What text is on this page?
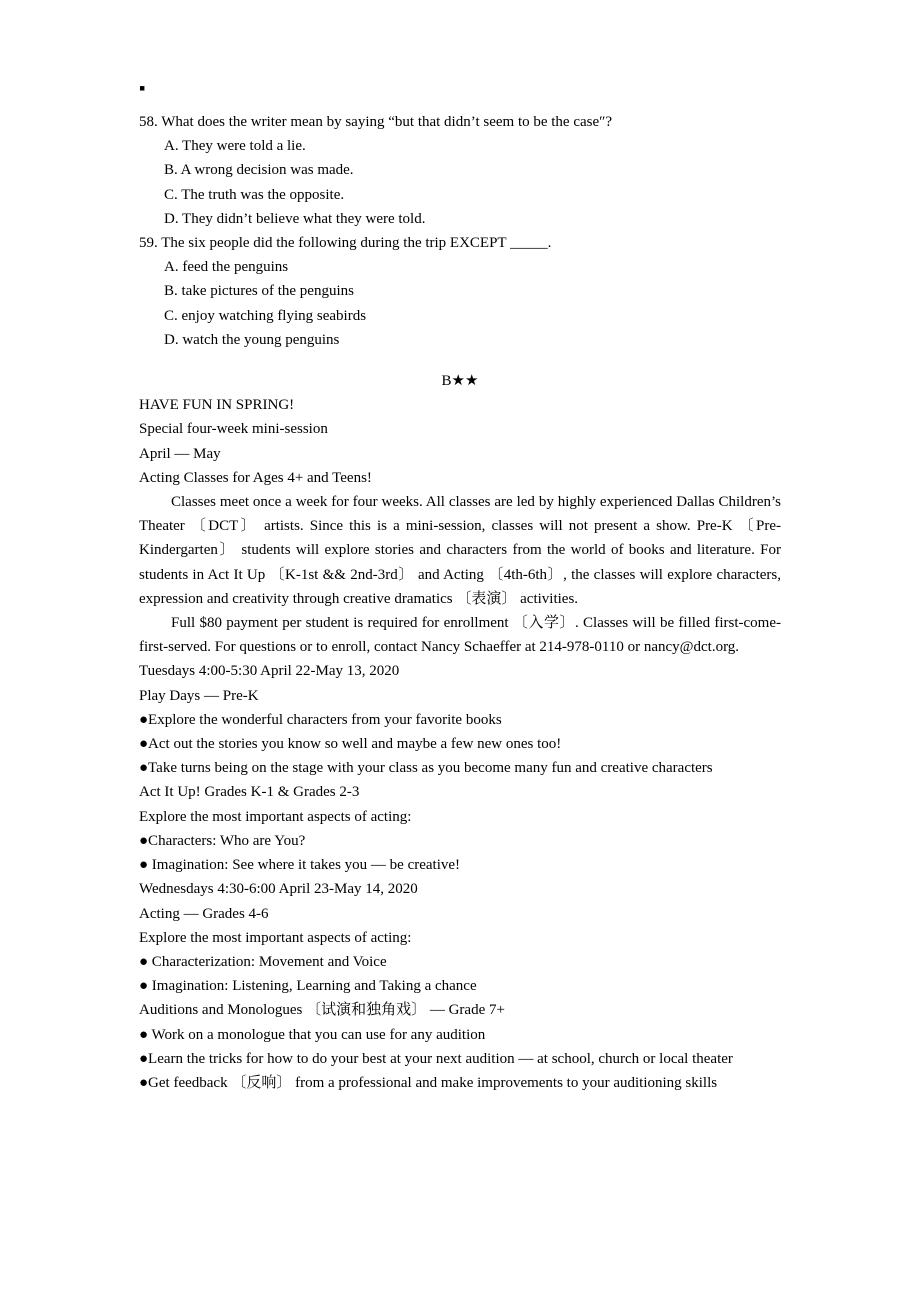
▪
58. What does the writer mean by saying “but that didn’t seem to be the case″?
A. They were told a lie.
B. A wrong decision was made.
C. The truth was the opposite.
D. They didn’t believe what they were told.
59. The six people did the following during the trip EXCEPT _____.
A. feed the penguins
B. take pictures of the penguins
C. enjoy watching flying seabirds
D. watch the young penguins
B★★
HAVE FUN IN SPRING!
Special four-week mini-session
April — May
Acting Classes for Ages 4+ and Teens!

Classes meet once a week for four weeks. All classes are led by highly experienced Dallas Children’s Theater 〔DCT〕 artists. Since this is a mini-session, classes will not present a show. Pre-K 〔Pre-Kindergarten〕 students will explore stories and characters from the world of books and literature. For students in Act It Up 〔K-1st && 2nd-3rd〕 and Acting 〔4th-6th〕, the classes will explore characters, expression and creativity through creative dramatics 〔表演〕 activities.

Full $80 payment per student is required for enrollment 〔入学〕. Classes will be filled first-come-first-served. For questions or to enroll, contact Nancy Schaeffer at 214-978-0110 or nancy@dct.org.

Tuesdays 4:00-5:30 April 22-May 13, 2020
Play Days — Pre-K
●Explore the wonderful characters from your favorite books
●Act out the stories you know so well and maybe a few new ones too!
●Take turns being on the stage with your class as you become many fun and creative characters
Act It Up! Grades K-1 & Grades 2-3
Explore the most important aspects of acting:
●Characters: Who are You?
● Imagination: See where it takes you — be creative!
Wednesdays 4:30-6:00 April 23-May 14, 2020
Acting — Grades 4-6
Explore the most important aspects of acting:
● Characterization: Movement and Voice
● Imagination: Listening, Learning and Taking a chance
Auditions and Monologues 〔试演和独角戏〕 — Grade 7+
● Work on a monologue that you can use for any audition

●Learn the tricks for how to do your best at your next audition — at school, church or local theater

●Get feedback 〔反响〕 from a professional and make improvements to your auditioning skills
